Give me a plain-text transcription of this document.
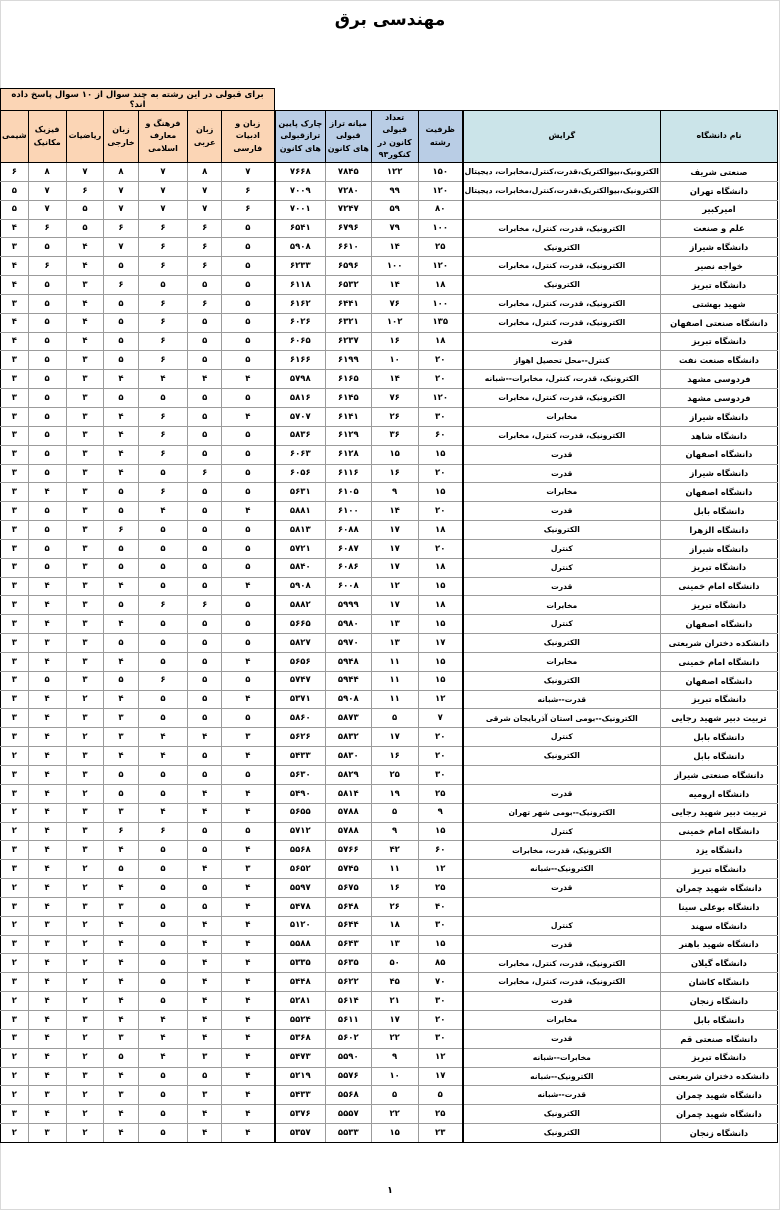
مهندسی برق
						برای قبولی در این رشته به چند سوال از ۱۰ سوال پاسخ داده اند؟						
نام دانشگاه	گرایش	ظرفیت رشته	تعداد قبولی کانون در کنکور۹۳	میانه تراز قبولی های کانون	چارک پایین ترازقبولی های کانون	زبان و ادبیات فارسی	زبان عربی	فرهنگ و معارف اسلامی	زبان خارجی	ریاضیات	فیزیک مکانیک	شیمی
صنعتی شریف	الکترونیک،بیوالکتریک،قدرت،کنترل،مخابرات، دیجیتال	۱۵۰	۱۲۲	۷۸۴۵	۷۶۶۸	۷	۸	۷	۸	۷	۸	۶
دانشگاه تهران	الکترونیک،بیوالکتریک،قدرت،کنترل،مخابرات، دیجیتال	۱۲۰	۹۹	۷۲۸۰	۷۰۰۹	۶	۷	۷	۷	۶	۷	۵
امیرکبیر		۸۰	۵۹	۷۲۴۷	۷۰۰۱	۶	۷	۷	۷	۵	۷	۵
علم و صنعت	الکترونیک، قدرت، کنترل، مخابرات	۱۰۰	۷۹	۶۷۹۶	۶۵۴۱	۵	۶	۶	۶	۵	۶	۴
دانشگاه شیراز	الکترونیک	۲۵	۱۴	۶۶۱۰	۵۹۰۸	۵	۶	۶	۷	۴	۵	۳
خواجه نصیر	الکترونیک، قدرت، کنترل، مخابرات	۱۲۰	۱۰۰	۶۵۹۶	۶۲۳۳	۵	۶	۶	۵	۴	۶	۴
دانشگاه تبریز	الکترونیک	۱۸	۱۴	۶۵۳۲	۶۱۱۸	۵	۵	۵	۶	۳	۵	۴
شهید بهشتی	الکترونیک، قدرت، کنترل، مخابرات	۱۰۰	۷۶	۶۴۴۱	۶۱۶۲	۵	۶	۶	۵	۴	۵	۳
دانشگاه صنعتی اصفهان	الکترونیک، قدرت، کنترل، مخابرات	۱۳۵	۱۰۲	۶۳۲۱	۶۰۲۶	۵	۵	۶	۵	۴	۵	۴
دانشگاه تبریز	قدرت	۱۸	۱۶	۶۲۳۷	۶۰۶۵	۵	۵	۶	۵	۴	۵	۴
دانشگاه صنعت نفت	کنترل--محل تحصیل اهواز	۲۰	۱۰	۶۱۹۹	۶۱۶۶	۵	۵	۶	۵	۳	۵	۳
فردوسی مشهد	الکترونیک، قدرت، کنترل، مخابرات--شبانه	۲۰	۱۴	۶۱۶۵	۵۷۹۸	۴	۴	۴	۴	۳	۵	۳
فردوسی مشهد	الکترونیک، قدرت، کنترل، مخابرات	۱۲۰	۷۶	۶۱۴۵	۵۸۱۶	۵	۵	۵	۵	۳	۵	۳
دانشگاه شیراز	مخابرات	۳۰	۲۶	۶۱۴۱	۵۷۰۷	۴	۵	۶	۴	۳	۵	۳
دانشگاه شاهد	الکترونیک، قدرت، کنترل، مخابرات	۶۰	۳۶	۶۱۲۹	۵۸۳۶	۵	۵	۶	۴	۳	۵	۳
دانشگاه اصفهان	قدرت	۱۵	۱۵	۶۱۲۸	۶۰۶۳	۵	۵	۶	۴	۳	۵	۳
دانشگاه شیراز	قدرت	۲۰	۱۶	۶۱۱۶	۶۰۵۶	۵	۶	۵	۴	۳	۵	۳
دانشگاه اصفهان	مخابرات	۱۵	۹	۶۱۰۵	۵۶۳۱	۵	۵	۶	۵	۳	۴	۳
دانشگاه بابل	قدرت	۲۰	۱۴	۶۱۰۰	۵۸۸۱	۴	۵	۴	۵	۳	۵	۳
دانشگاه الزهرا	الکترونیک	۱۸	۱۷	۶۰۸۸	۵۸۱۳	۵	۵	۵	۶	۳	۵	۳
دانشگاه شیراز	کنترل	۲۰	۱۷	۶۰۸۷	۵۷۲۱	۵	۵	۵	۵	۳	۵	۳
دانشگاه تبریز	کنترل	۱۸	۱۷	۶۰۸۶	۵۸۴۰	۵	۵	۵	۵	۳	۵	۳
دانشگاه امام خمینی	قدرت	۱۵	۱۲	۶۰۰۸	۵۹۰۸	۴	۵	۵	۴	۳	۴	۳
دانشگاه تبریز	مخابرات	۱۸	۱۷	۵۹۹۹	۵۸۸۲	۵	۶	۶	۵	۳	۴	۳
دانشگاه اصفهان	کنترل	۱۵	۱۳	۵۹۸۰	۵۶۶۵	۵	۵	۵	۴	۳	۴	۳
دانشکده دختران شریعتی	الکترونیک	۱۷	۱۳	۵۹۷۰	۵۸۲۷	۵	۵	۵	۵	۳	۳	۳
دانشگاه امام خمینی	مخابرات	۱۵	۱۱	۵۹۴۸	۵۶۵۶	۴	۵	۵	۴	۳	۴	۳
دانشگاه اصفهان	الکترونیک	۱۵	۱۱	۵۹۴۴	۵۷۴۷	۵	۵	۶	۵	۳	۵	۳
دانشگاه تبریز	قدرت--شبانه	۱۲	۱۱	۵۹۰۸	۵۳۷۱	۴	۵	۵	۴	۲	۴	۳
تربیت دبیر شهید رجایی	الکترونیک--بومی استان آذربایجان شرقی	۷	۵	۵۸۷۳	۵۸۶۰	۵	۵	۵	۳	۳	۴	۳
دانشگاه بابل	کنترل	۲۰	۱۷	۵۸۳۲	۵۶۲۶	۳	۴	۴	۳	۲	۴	۳
دانشگاه بابل	الکترونیک	۲۰	۱۶	۵۸۳۰	۵۴۳۳	۴	۵	۴	۴	۳	۴	۲
دانشگاه صنعتی شیراز		۳۰	۲۵	۵۸۲۹	۵۶۳۰	۵	۵	۵	۵	۳	۴	۳
دانشگاه ارومیه	قدرت	۲۵	۱۹	۵۸۱۴	۵۴۹۰	۴	۴	۵	۵	۲	۴	۳
تربیت دبیر شهید رجایی	الکترونیک--بومی شهر تهران	۹	۵	۵۷۸۸	۵۶۵۵	۴	۴	۴	۳	۳	۴	۲
دانشگاه امام خمینی	کنترل	۱۵	۹	۵۷۸۸	۵۷۱۲	۵	۵	۶	۶	۳	۴	۲
دانشگاه یزد	الکترونیک، قدرت، مخابرات	۶۰	۴۲	۵۷۶۶	۵۵۶۸	۴	۵	۵	۴	۳	۴	۳
دانشگاه تبریز	الکترونیک--شبانه	۱۲	۱۱	۵۷۴۵	۵۶۵۲	۳	۴	۵	۵	۲	۴	۳
دانشگاه شهید چمران	قدرت	۲۵	۱۶	۵۶۷۵	۵۵۹۷	۴	۵	۵	۴	۲	۴	۲
دانشگاه بوعلی سینا		۴۰	۲۶	۵۶۴۸	۵۴۷۸	۴	۵	۵	۳	۳	۴	۳
دانشگاه سهند	کنترل	۳۰	۱۸	۵۶۴۴	۵۱۲۰	۴	۴	۵	۴	۲	۳	۲
دانشگاه شهید باهنر	قدرت	۱۵	۱۳	۵۶۴۳	۵۵۸۸	۴	۴	۵	۴	۲	۳	۳
دانشگاه گیلان	الکترونیک، قدرت، کنترل، مخابرات	۸۵	۵۰	۵۶۳۵	۵۳۳۵	۴	۴	۵	۴	۲	۴	۲
دانشگاه کاشان	الکترونیک، قدرت، کنترل، مخابرات	۷۰	۴۵	۵۶۲۲	۵۴۴۸	۴	۴	۵	۴	۲	۴	۳
دانشگاه زنجان	قدرت	۳۰	۲۱	۵۶۱۴	۵۲۸۱	۴	۴	۵	۴	۲	۴	۲
دانشگاه بابل	مخابرات	۲۰	۱۷	۵۶۱۱	۵۵۲۴	۴	۴	۴	۴	۳	۴	۳
دانشگاه صنعتی قم	قدرت	۳۰	۲۲	۵۶۰۲	۵۳۶۸	۴	۴	۴	۳	۲	۴	۳
دانشگاه تبریز	مخابرات--شبانه	۱۲	۹	۵۵۹۰	۵۴۷۳	۴	۳	۴	۵	۲	۴	۲
دانشکده دختران شریعتی	الکترونیک--شبانه	۱۷	۱۰	۵۵۷۶	۵۲۱۹	۴	۵	۵	۴	۳	۴	۲
دانشگاه شهید چمران	قدرت--شبانه	۵	۵	۵۵۶۸	۵۴۳۳	۴	۳	۵	۳	۲	۳	۲
دانشگاه شهید چمران	الکترونیک	۲۵	۲۲	۵۵۵۷	۵۳۷۶	۴	۴	۵	۴	۲	۴	۳
دانشگاه زنجان	الکترونیک	۲۳	۱۵	۵۵۳۳	۵۳۵۷	۴	۴	۵	۴	۲	۳	۲
۱
